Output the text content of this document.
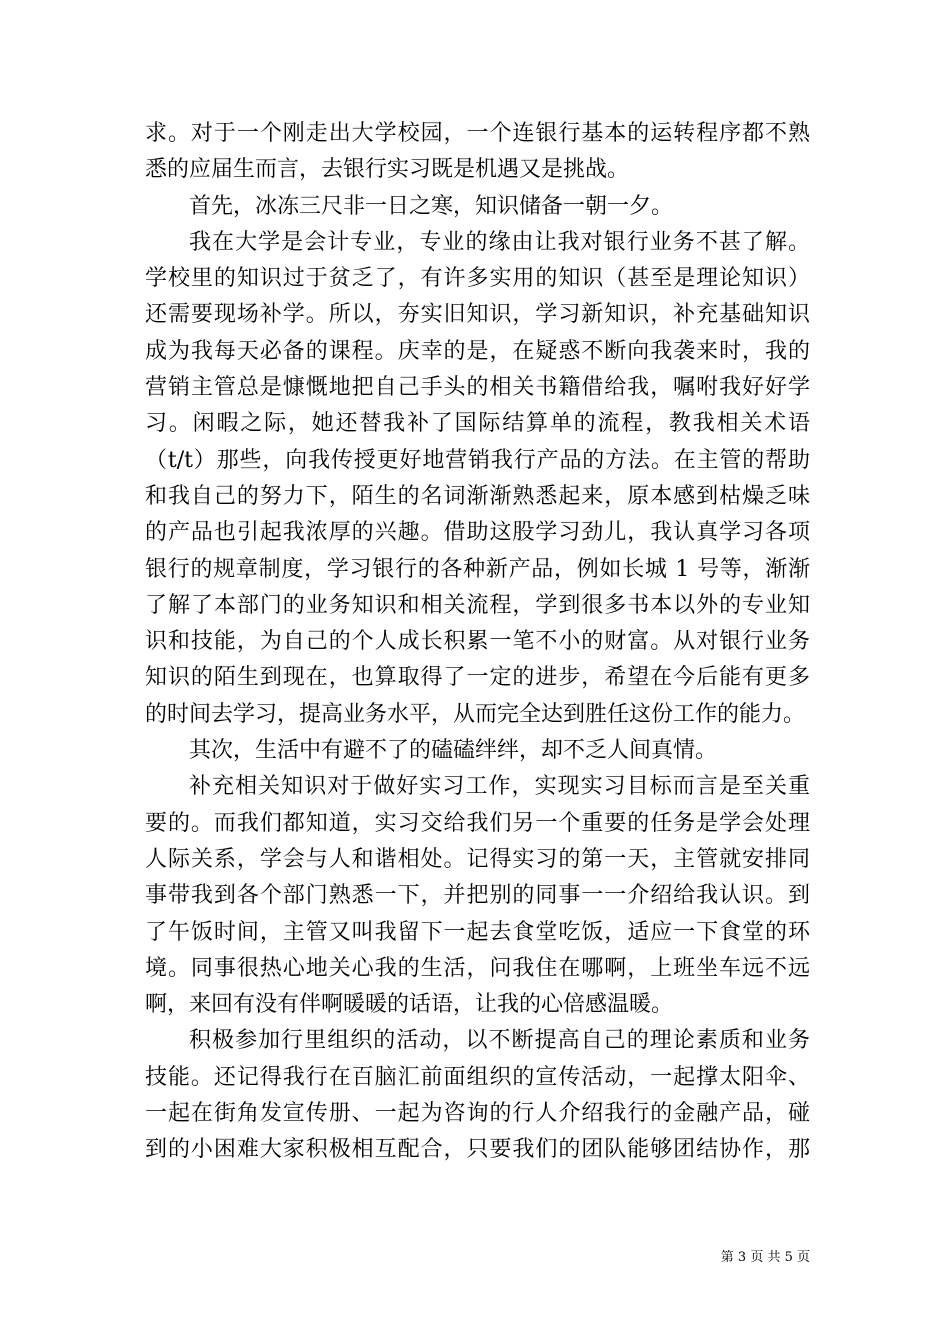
求。对于一个刚走出大学校园，一个连银行基本的运转程序都不熟
悉的应届生而言，去银行实习既是机遇又是挑战。
首先，冰冻三尺非一日之寒，知识储备一朝一夕。
我在大学是会计专业，专业的缘由让我对银行业务不甚了解。
学校里的知识过于贫乏了，有许多实用的知识（甚至是理论知识）
还需要现场补学。所以，夯实旧知识，学习新知识，补充基础知识
成为我每天必备的课程。庆幸的是，在疑惑不断向我袭来时，我的
营销主管总是慷慨地把自己手头的相关书籍借给我，嘱咐我好好学
习。闲暇之际，她还替我补了国际结算单的流程，教我相关术语
（t/t）那些，向我传授更好地营销我行产品的方法。在主管的帮助
和我自己的努力下，陌生的名词渐渐熟悉起来，原本感到枯燥乏味
的产品也引起我浓厚的兴趣。借助这股学习劲儿，我认真学习各项
银行的规章制度，学习银行的各种新产品，例如长城 1 号等，渐渐
了解了本部门的业务知识和相关流程，学到很多书本以外的专业知
识和技能，为自己的个人成长积累一笔不小的财富。从对银行业务
知识的陌生到现在，也算取得了一定的进步，希望在今后能有更多
的时间去学习，提高业务水平，从而完全达到胜任这份工作的能力。
其次，生活中有避不了的磕磕绊绊，却不乏人间真情。
补充相关知识对于做好实习工作，实现实习目标而言是至关重
要的。而我们都知道，实习交给我们另一个重要的任务是学会处理
人际关系，学会与人和谐相处。记得实习的第一天，主管就安排同
事带我到各个部门熟悉一下，并把别的同事一一介绍给我认识。到
了午饭时间，主管又叫我留下一起去食堂吃饭，适应一下食堂的环
境。同事很热心地关心我的生活，问我住在哪啊，上班坐车远不远
啊，来回有没有伴啊暖暖的话语，让我的心倍感温暖。
积极参加行里组织的活动，以不断提高自己的理论素质和业务
技能。还记得我行在百脑汇前面组织的宣传活动，一起撑太阳伞、
一起在街角发宣传册、一起为咨询的行人介绍我行的金融产品，碰
到的小困难大家积极相互配合，只要我们的团队能够团结协作，那
第 3 页 共 5 页
